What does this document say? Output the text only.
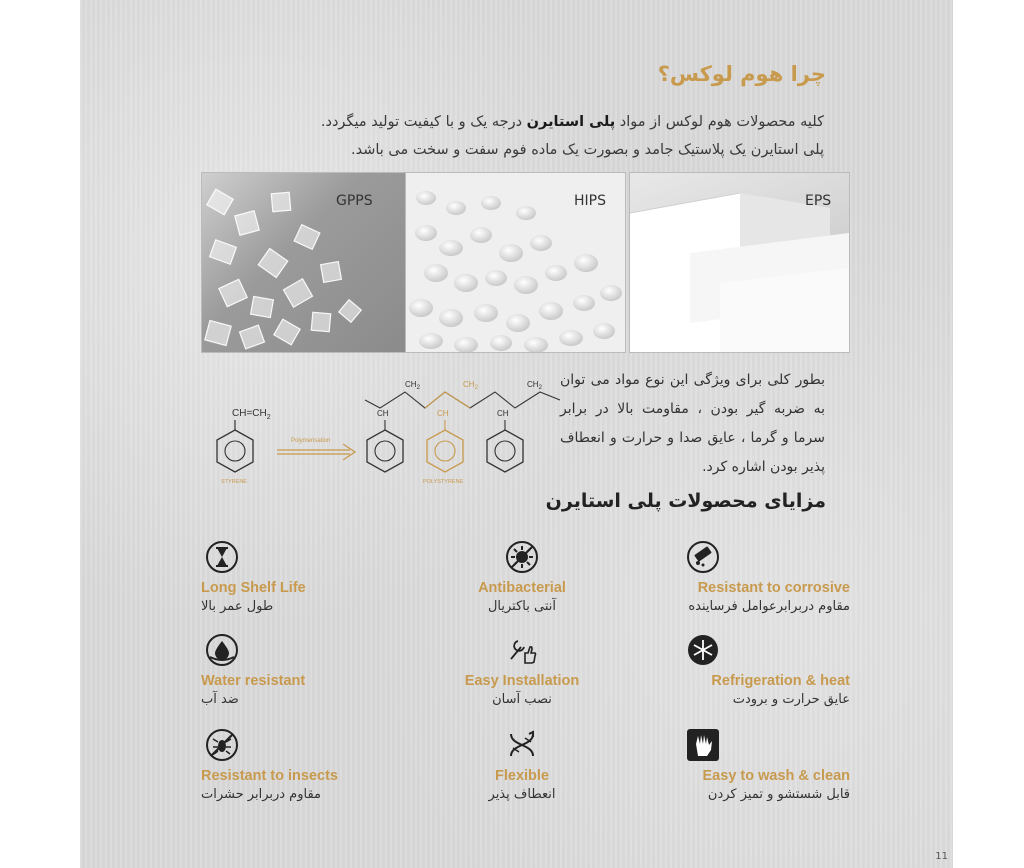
چرا هوم لوکس؟

کلیه محصولات هوم لوکس از مواد پلی استایرن درجه یک و با کیفیت تولید میگردد.
پلی استایرن یک پلاستیک جامد و بصورت یک ماده فوم سفت و سخت می باشد.

GPPS	HIPS	EPS
$CH=CH_2$
STYRENE
Polymerisation
$CH_2$	$CH_2$	$CH_2$
CH	CH	CH
POLYSTYRENE

بطور کلی برای ویژگی این نوع مواد می توان به ضربه گیر بودن ، مقاومت بالا در برابر سرما و گرما ، عایق صدا و حرارت و انعطاف پذیر بودن اشاره کرد.

مزایای محصولات پلی استایرن
Resistant to corrosive
مقاوم دربرابرعوامل فرساینده
Antibacterial
آنتی باکتریال
Long Shelf Life
طول عمر بالا
Refrigeration & heat
عایق حرارت و برودت
Easy Installation
نصب آسان
Water resistant
ضد آب
Easy to wash & clean
قابل شستشو و تمیز کردن
Flexible
انعطاف پذیر
Resistant to insects
مقاوم دربرابر حشرات
11
